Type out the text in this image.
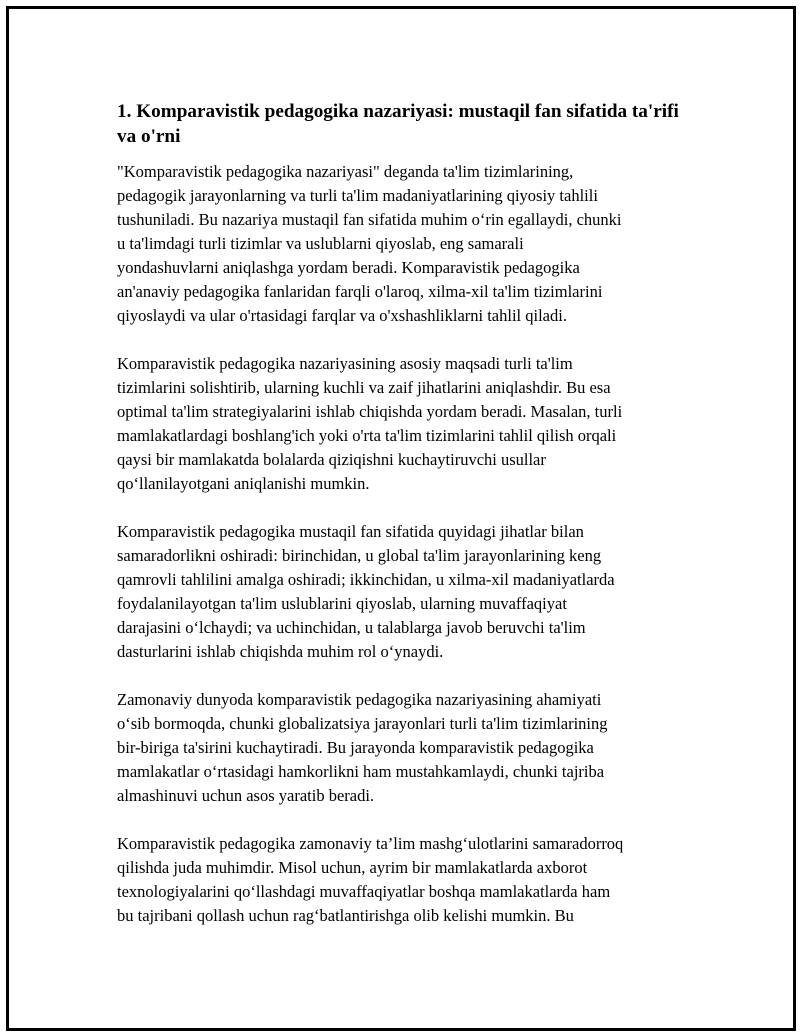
1. Komparavistik pedagogika nazariyasi: mustaqil fan sifatida ta'rifi va o'rni

"Komparavistik pedagogika nazariyasi" deganda ta'lim tizimlarining,
pedagogik jarayonlarning va turli ta'lim madaniyatlarining qiyosiy tahlili
tushuniladi. Bu nazariya mustaqil fan sifatida muhim o‘rin egallaydi, chunki
u ta'limdagi turli tizimlar va uslublarni qiyoslab, eng samarali
yondashuvlarni aniqlashga yordam beradi. Komparavistik pedagogika
an'anaviy pedagogika fanlaridan farqli o'laroq, xilma-xil ta'lim tizimlarini
qiyoslaydi va ular o'rtasidagi farqlar va o'xshashliklarni tahlil qiladi.

Komparavistik pedagogika nazariyasining asosiy maqsadi turli ta'lim
tizimlarini solishtirib, ularning kuchli va zaif jihatlarini aniqlashdir. Bu esa
optimal ta'lim strategiyalarini ishlab chiqishda yordam beradi. Masalan, turli
mamlakatlardagi boshlang'ich yoki o'rta ta'lim tizimlarini tahlil qilish orqali
qaysi bir mamlakatda bolalarda qiziqishni kuchaytiruvchi usullar
qo‘llanilayotgani aniqlanishi mumkin.

Komparavistik pedagogika mustaqil fan sifatida quyidagi jihatlar bilan
samaradorlikni oshiradi: birinchidan, u global ta'lim jarayonlarining keng
qamrovli tahlilini amalga oshiradi; ikkinchidan, u xilma-xil madaniyatlarda
foydalanilayotgan ta'lim uslublarini qiyoslab, ularning muvaffaqiyat
darajasini o‘lchaydi; va uchinchidan, u talablarga javob beruvchi ta'lim
dasturlarini ishlab chiqishda muhim rol o‘ynaydi.

Zamonaviy dunyoda komparavistik pedagogika nazariyasining ahamiyati
o‘sib bormoqda, chunki globalizatsiya jarayonlari turli ta'lim tizimlarining
bir-biriga ta'sirini kuchaytiradi. Bu jarayonda komparavistik pedagogika
mamlakatlar o‘rtasidagi hamkorlikni ham mustahkamlaydi, chunki tajriba
almashinuvi uchun asos yaratib beradi.

Komparavistik pedagogika zamonaviy ta’lim mashg‘ulotlarini samaradorroq
qilishda juda muhimdir. Misol uchun, ayrim bir mamlakatlarda axborot
texnologiyalarini qo‘llashdagi muvaffaqiyatlar boshqa mamlakatlarda ham
bu tajribani qollash uchun rag‘batlantirishga olib kelishi mumkin. Bu
